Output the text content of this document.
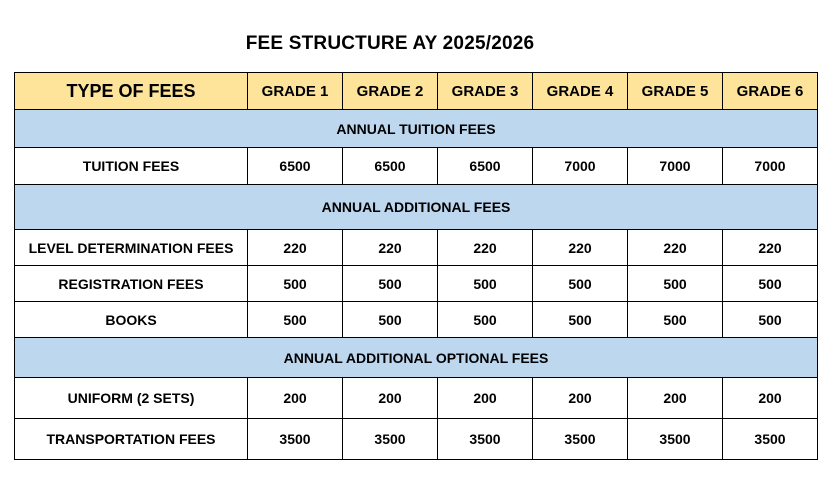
FEE STRUCTURE AY 2025/2026
TYPE OF FEES	GRADE 1	GRADE 2	GRADE 3	GRADE 4	GRADE 5	GRADE 6
ANNUAL TUITION FEES						
TUITION FEES	6500	6500	6500	7000	7000	7000
ANNUAL ADDITIONAL FEES						
LEVEL DETERMINATION FEES	220	220	220	220	220	220
REGISTRATION FEES	500	500	500	500	500	500
BOOKS	500	500	500	500	500	500
ANNUAL ADDITIONAL OPTIONAL FEES						
UNIFORM (2 SETS)	200	200	200	200	200	200
TRANSPORTATION FEES	3500	3500	3500	3500	3500	3500
